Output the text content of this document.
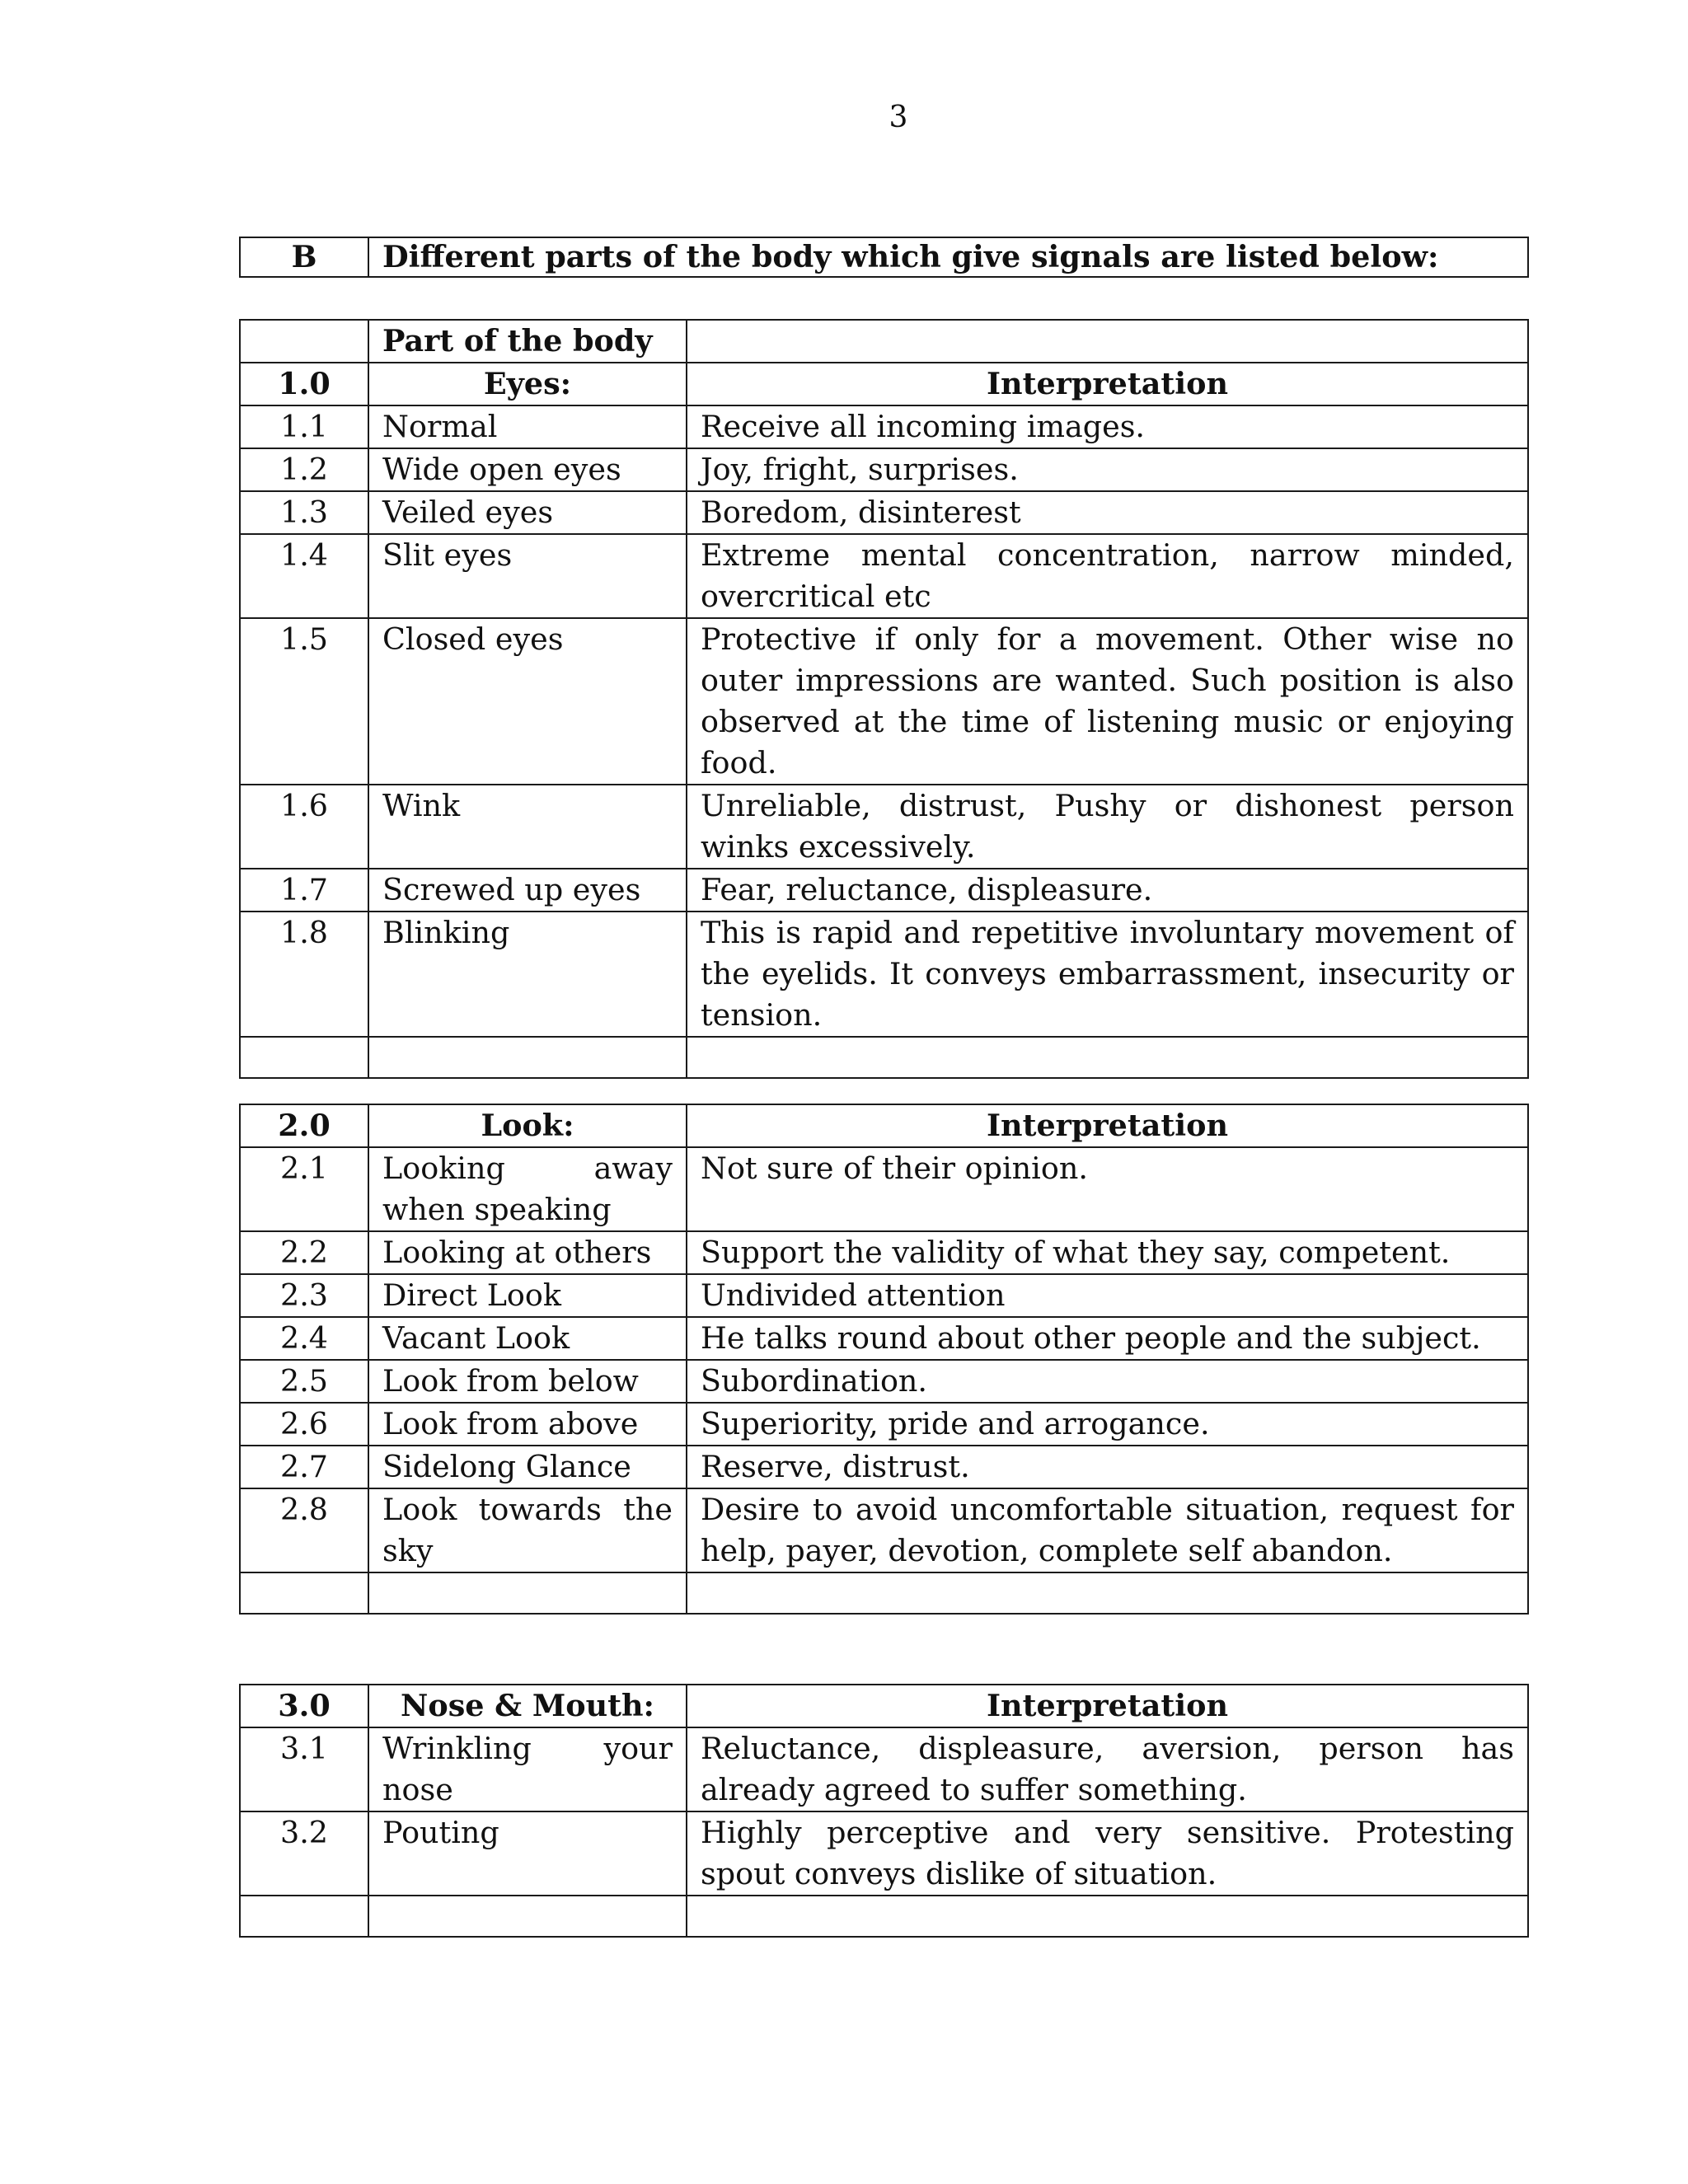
3
B	Different parts of the body which give signals are listed below:
	Part of the body	
1.0	Eyes:	Interpretation
1.1	Normal	Receive all incoming images.
1.2	Wide open eyes	Joy, fright, surprises.
1.3	Veiled eyes	Boredom, disinterest
1.4	Slit eyes	Extreme mental concentration, narrow minded, overcritical etc
1.5	Closed eyes	Protective if only for a movement. Other wise no outer impressions are wanted. Such position is also observed at the time of listening music or enjoying food.
1.6	Wink	Unreliable, distrust, Pushy or dishonest person winks excessively.
1.7	Screwed up eyes	Fear, reluctance, displeasure.
1.8	Blinking	This is rapid and repetitive involuntary movement of the eyelids. It conveys embarrassment, insecurity or tension.

2.0	Look:	Interpretation
2.1	Looking away when speaking	Not sure of their opinion.
2.2	Looking at others	Support the validity of what they say, competent.
2.3	Direct Look	Undivided attention
2.4	Vacant Look	He talks round about other people and the subject.
2.5	Look from below	Subordination.
2.6	Look from above	Superiority, pride and arrogance.
2.7	Sidelong Glance	Reserve, distrust.
2.8	Look towards the sky	Desire to avoid uncomfortable situation, request for help, payer, devotion, complete self abandon.

3.0	Nose & Mouth:	Interpretation
3.1	Wrinkling your nose	Reluctance, displeasure, aversion, person has already agreed to suffer something.
3.2	Pouting	Highly perceptive and very sensitive. Protesting spout conveys dislike of situation.
